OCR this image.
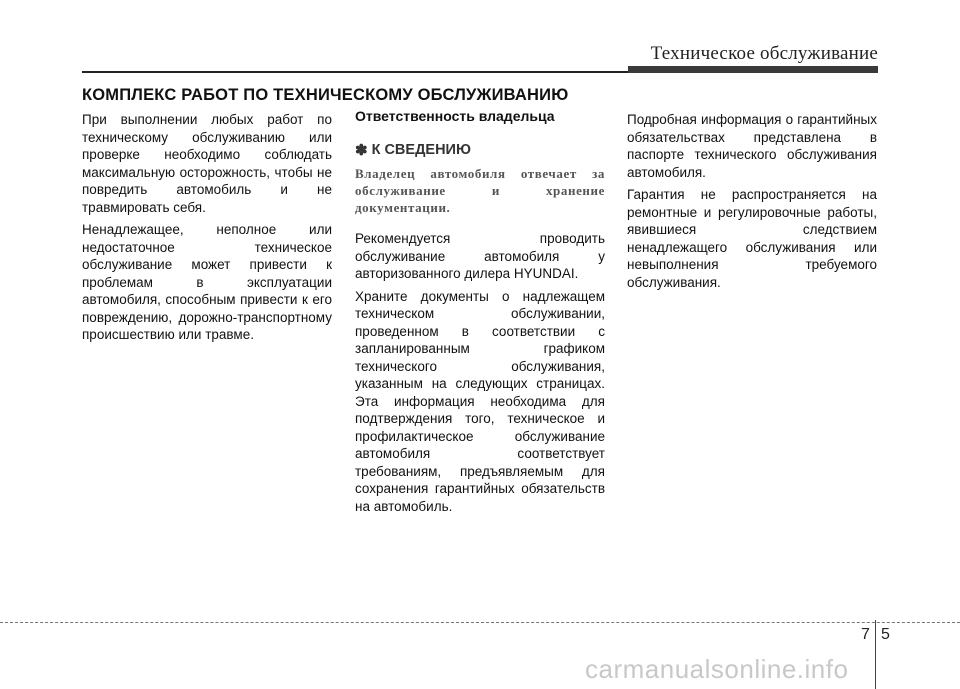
Техническое обслуживание
КОМПЛЕКС РАБОТ ПО ТЕХНИЧЕСКОМУ ОБСЛУЖИВАНИЮ

При выполнении любых работ по техническому обслуживанию или проверке необходимо соблюдать максимальную осторожность, чтобы не повредить автомобиль и не травмировать себя.

Ненадлежащее, неполное или недостаточное техническое обслуживание может привести к проблемам в эксплуатации автомобиля, способным привести к его повреждению, дорожно-транспортному происшествию или травме.

Ответственность владельца
✽ К СВЕДЕНИЮ
Владелец автомобиля отвечает за обслуживание и хранение документации.

Рекомендуется проводить обслуживание автомобиля у авторизованного дилера HYUNDAI.

Храните документы о надлежащем техническом обслуживании, проведенном в соответствии с запланированным графиком технического обслуживания, указанным на следующих страницах. Эта информация необходима для подтверждения того, техническое и профилактическое обслуживание автомобиля соответствует требованиям, предъявляемым для сохранения гарантийных обязательств на автомобиль.

Подробная информация о гарантийных обязательствах представлена в паспорте технического обслуживания автомобиля.

Гарантия не распространяется на ремонтные и регулировочные работы, явившиеся следствием ненадлежащего обслуживания или невыполнения требуемого обслуживания.

7 5
carmanualsonline.info
